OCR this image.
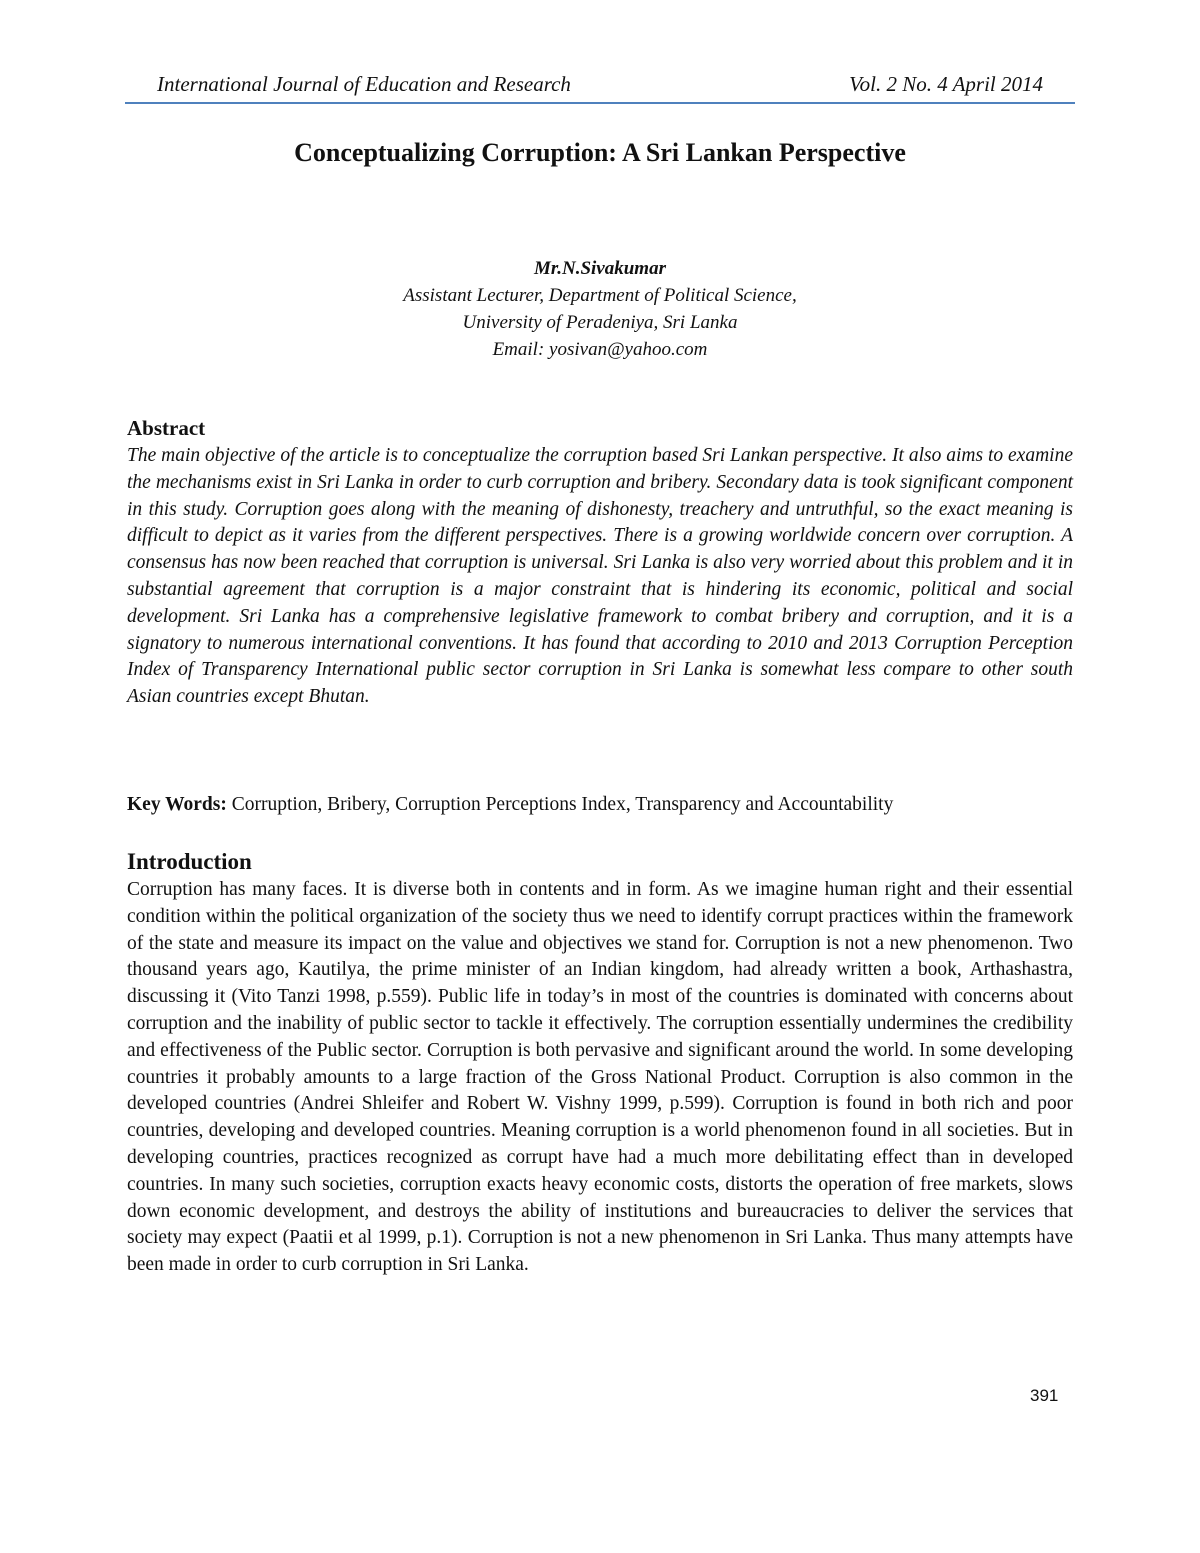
International Journal of Education and Research	Vol. 2 No. 4 April 2014
Conceptualizing Corruption: A Sri Lankan Perspective
Mr.N.Sivakumar
Assistant Lecturer, Department of Political Science,
University of Peradeniya, Sri Lanka
Email: yosivan@yahoo.com
Abstract
The main objective of the article is to conceptualize the corruption based Sri Lankan perspective. It also aims to examine the mechanisms exist in Sri Lanka in order to curb corruption and bribery. Secondary data is took significant component in this study. Corruption goes along with the meaning of dishonesty, treachery and untruthful, so the exact meaning is difficult to depict as it varies from the different perspectives. There is a growing worldwide concern over corruption. A consensus has now been reached that corruption is universal. Sri Lanka is also very worried about this problem and it in substantial agreement that corruption is a major constraint that is hindering its economic, political and social development. Sri Lanka has a comprehensive legislative framework to combat bribery and corruption, and it is a signatory to numerous international conventions. It has found that according to 2010 and 2013 Corruption Perception Index of Transparency International public sector corruption in Sri Lanka is somewhat less compare to other south Asian countries except Bhutan.
Key Words: Corruption, Bribery, Corruption Perceptions Index, Transparency and Accountability
Introduction
Corruption has many faces. It is diverse both in contents and in form. As we imagine human right and their essential condition within the political organization of the society thus we need to identify corrupt practices within the framework of the state and measure its impact on the value and objectives we stand for. Corruption is not a new phenomenon. Two thousand years ago, Kautilya, the prime minister of an Indian kingdom, had already written a book, Arthashastra, discussing it (Vito Tanzi 1998, p.559). Public life in today’s in most of the countries is dominated with concerns about corruption and the inability of public sector to tackle it effectively. The corruption essentially undermines the credibility and effectiveness of the Public sector. Corruption is both pervasive and significant around the world. In some developing countries it probably amounts to a large fraction of the Gross National Product. Corruption is also common in the developed countries (Andrei Shleifer and Robert W. Vishny 1999, p.599). Corruption is found in both rich and poor countries, developing and developed countries. Meaning corruption is a world phenomenon found in all societies. But in developing countries, practices recognized as corrupt have had a much more debilitating effect than in developed countries. In many such societies, corruption exacts heavy economic costs, distorts the operation of free markets, slows down economic development, and destroys the ability of institutions and bureaucracies to deliver the services that society may expect (Paatii et al 1999, p.1). Corruption is not a new phenomenon in Sri Lanka. Thus many attempts have been made in order to curb corruption in Sri Lanka.
391
